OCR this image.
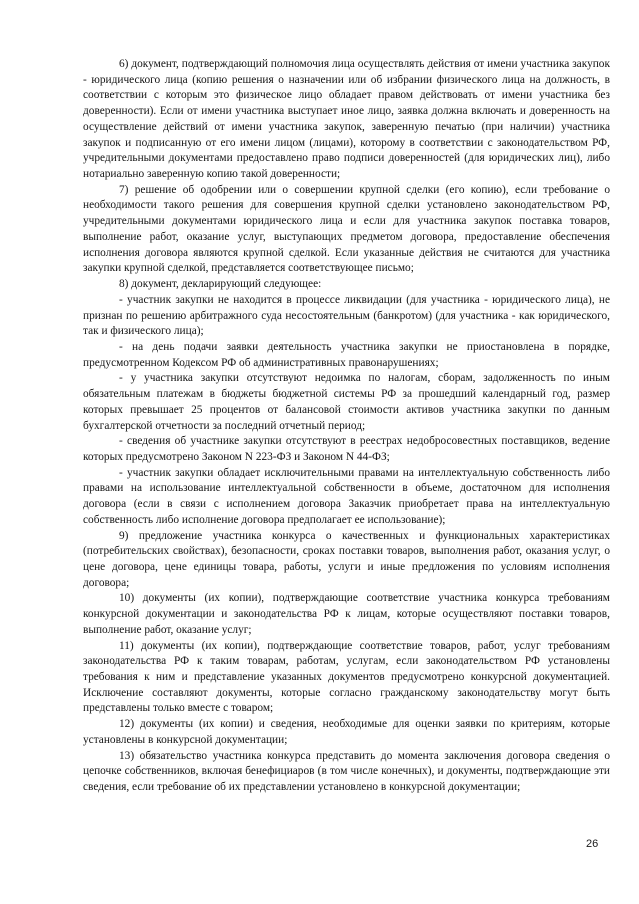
6) документ, подтверждающий полномочия лица осуществлять действия от имени участника закупок - юридического лица (копию решения о назначении или об избрании физического лица на должность, в соответствии с которым это физическое лицо обладает правом действовать от имени участника без доверенности). Если от имени участника выступает иное лицо, заявка должна включать и доверенность на осуществление действий от имени участника закупок, заверенную печатью (при наличии) участника закупок и подписанную от его имени лицом (лицами), которому в соответствии с законодательством РФ, учредительными документами предоставлено право подписи доверенностей (для юридических лиц), либо нотариально заверенную копию такой доверенности;

7) решение об одобрении или о совершении крупной сделки (его копию), если требование о необходимости такого решения для совершения крупной сделки установлено законодательством РФ, учредительными документами юридического лица и если для участника закупок поставка товаров, выполнение работ, оказание услуг, выступающих предметом договора, предоставление обеспечения исполнения договора являются крупной сделкой. Если указанные действия не считаются для участника закупки крупной сделкой, представляется соответствующее письмо;

8) документ, декларирующий следующее:

- участник закупки не находится в процессе ликвидации (для участника - юридического лица), не признан по решению арбитражного суда несостоятельным (банкротом) (для участника - как юридического, так и физического лица);

- на день подачи заявки деятельность участника закупки не приостановлена в порядке, предусмотренном Кодексом РФ об административных правонарушениях;

- у участника закупки отсутствуют недоимка по налогам, сборам, задолженность по иным обязательным платежам в бюджеты бюджетной системы РФ за прошедший календарный год, размер которых превышает 25 процентов от балансовой стоимости активов участника закупки по данным бухгалтерской отчетности за последний отчетный период;

- сведения об участнике закупки отсутствуют в реестрах недобросовестных поставщиков, ведение которых предусмотрено Законом N 223-ФЗ и Законом N 44-ФЗ;

- участник закупки обладает исключительными правами на интеллектуальную собственность либо правами на использование интеллектуальной собственности в объеме, достаточном для исполнения договора (если в связи с исполнением договора Заказчик приобретает права на интеллектуальную собственность либо исполнение договора предполагает ее использование);

9) предложение участника конкурса о качественных и функциональных характеристиках (потребительских свойствах), безопасности, сроках поставки товаров, выполнения работ, оказания услуг, о цене договора, цене единицы товара, работы, услуги и иные предложения по условиям исполнения договора;

10) документы (их копии), подтверждающие соответствие участника конкурса требованиям конкурсной документации и законодательства РФ к лицам, которые осуществляют поставки товаров, выполнение работ, оказание услуг;

11) документы (их копии), подтверждающие соответствие товаров, работ, услуг требованиям законодательства РФ к таким товарам, работам, услугам, если законодательством РФ установлены требования к ним и представление указанных документов предусмотрено конкурсной документацией. Исключение составляют документы, которые согласно гражданскому законодательству могут быть представлены только вместе с товаром;

12) документы (их копии) и сведения, необходимые для оценки заявки по критериям, которые установлены в конкурсной документации;

13) обязательство участника конкурса представить до момента заключения договора сведения о цепочке собственников, включая бенефициаров (в том числе конечных), и документы, подтверждающие эти сведения, если требование об их представлении установлено в конкурсной документации;

26
